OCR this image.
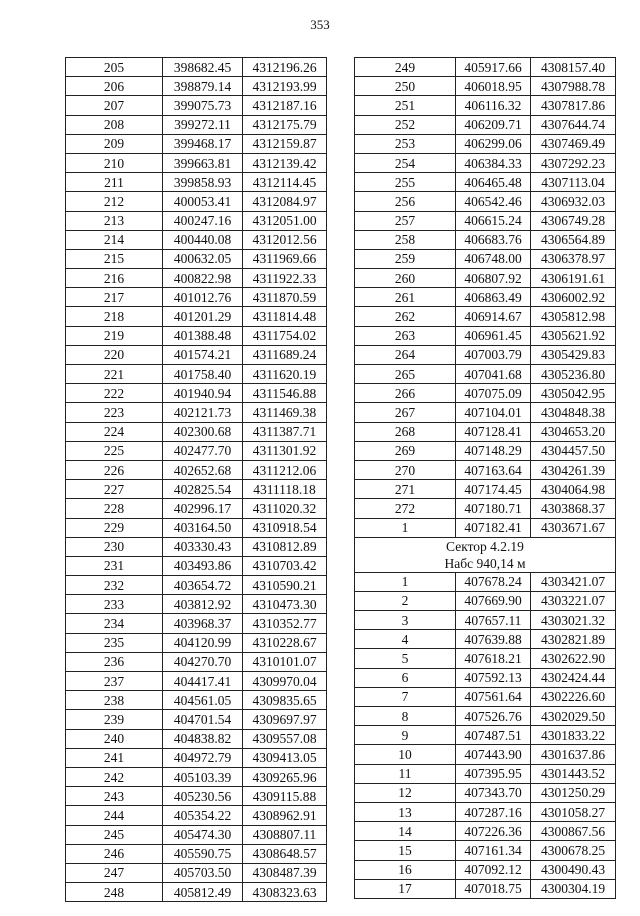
353
205	398682.45	4312196.26
206	398879.14	4312193.99
207	399075.73	4312187.16
208	399272.11	4312175.79
209	399468.17	4312159.87
210	399663.81	4312139.42
211	399858.93	4312114.45
212	400053.41	4312084.97
213	400247.16	4312051.00
214	400440.08	4312012.56
215	400632.05	4311969.66
216	400822.98	4311922.33
217	401012.76	4311870.59
218	401201.29	4311814.48
219	401388.48	4311754.02
220	401574.21	4311689.24
221	401758.40	4311620.19
222	401940.94	4311546.88
223	402121.73	4311469.38
224	402300.68	4311387.71
225	402477.70	4311301.92
226	402652.68	4311212.06
227	402825.54	4311118.18
228	402996.17	4311020.32
229	403164.50	4310918.54
230	403330.43	4310812.89
231	403493.86	4310703.42
232	403654.72	4310590.21
233	403812.92	4310473.30
234	403968.37	4310352.77
235	404120.99	4310228.67
236	404270.70	4310101.07
237	404417.41	4309970.04
238	404561.05	4309835.65
239	404701.54	4309697.97
240	404838.82	4309557.08
241	404972.79	4309413.05
242	405103.39	4309265.96
243	405230.56	4309115.88
244	405354.22	4308962.91
245	405474.30	4308807.11
246	405590.75	4308648.57
247	405703.50	4308487.39
248	405812.49	4308323.63
249	405917.66	4308157.40
250	406018.95	4307988.78
251	406116.32	4307817.86
252	406209.71	4307644.74
253	406299.06	4307469.49
254	406384.33	4307292.23
255	406465.48	4307113.04
256	406542.46	4306932.03
257	406615.24	4306749.28
258	406683.76	4306564.89
259	406748.00	4306378.97
260	406807.92	4306191.61
261	406863.49	4306002.92
262	406914.67	4305812.98
263	406961.45	4305621.92
264	407003.79	4305429.83
265	407041.68	4305236.80
266	407075.09	4305042.95
267	407104.01	4304848.38
268	407128.41	4304653.20
269	407148.29	4304457.50
270	407163.64	4304261.39
271	407174.45	4304064.98
272	407180.71	4303868.37
1	407182.41	4303671.67

Сектор 4.2.19
Набс 940,14 м		

1	407678.24	4303421.07
2	407669.90	4303221.07
3	407657.11	4303021.32
4	407639.88	4302821.89
5	407618.21	4302622.90
6	407592.13	4302424.44
7	407561.64	4302226.60
8	407526.76	4302029.50
9	407487.51	4301833.22
10	407443.90	4301637.86
11	407395.95	4301443.52
12	407343.70	4301250.29
13	407287.16	4301058.27
14	407226.36	4300867.56
15	407161.34	4300678.25
16	407092.12	4300490.43
17	407018.75	4300304.19
